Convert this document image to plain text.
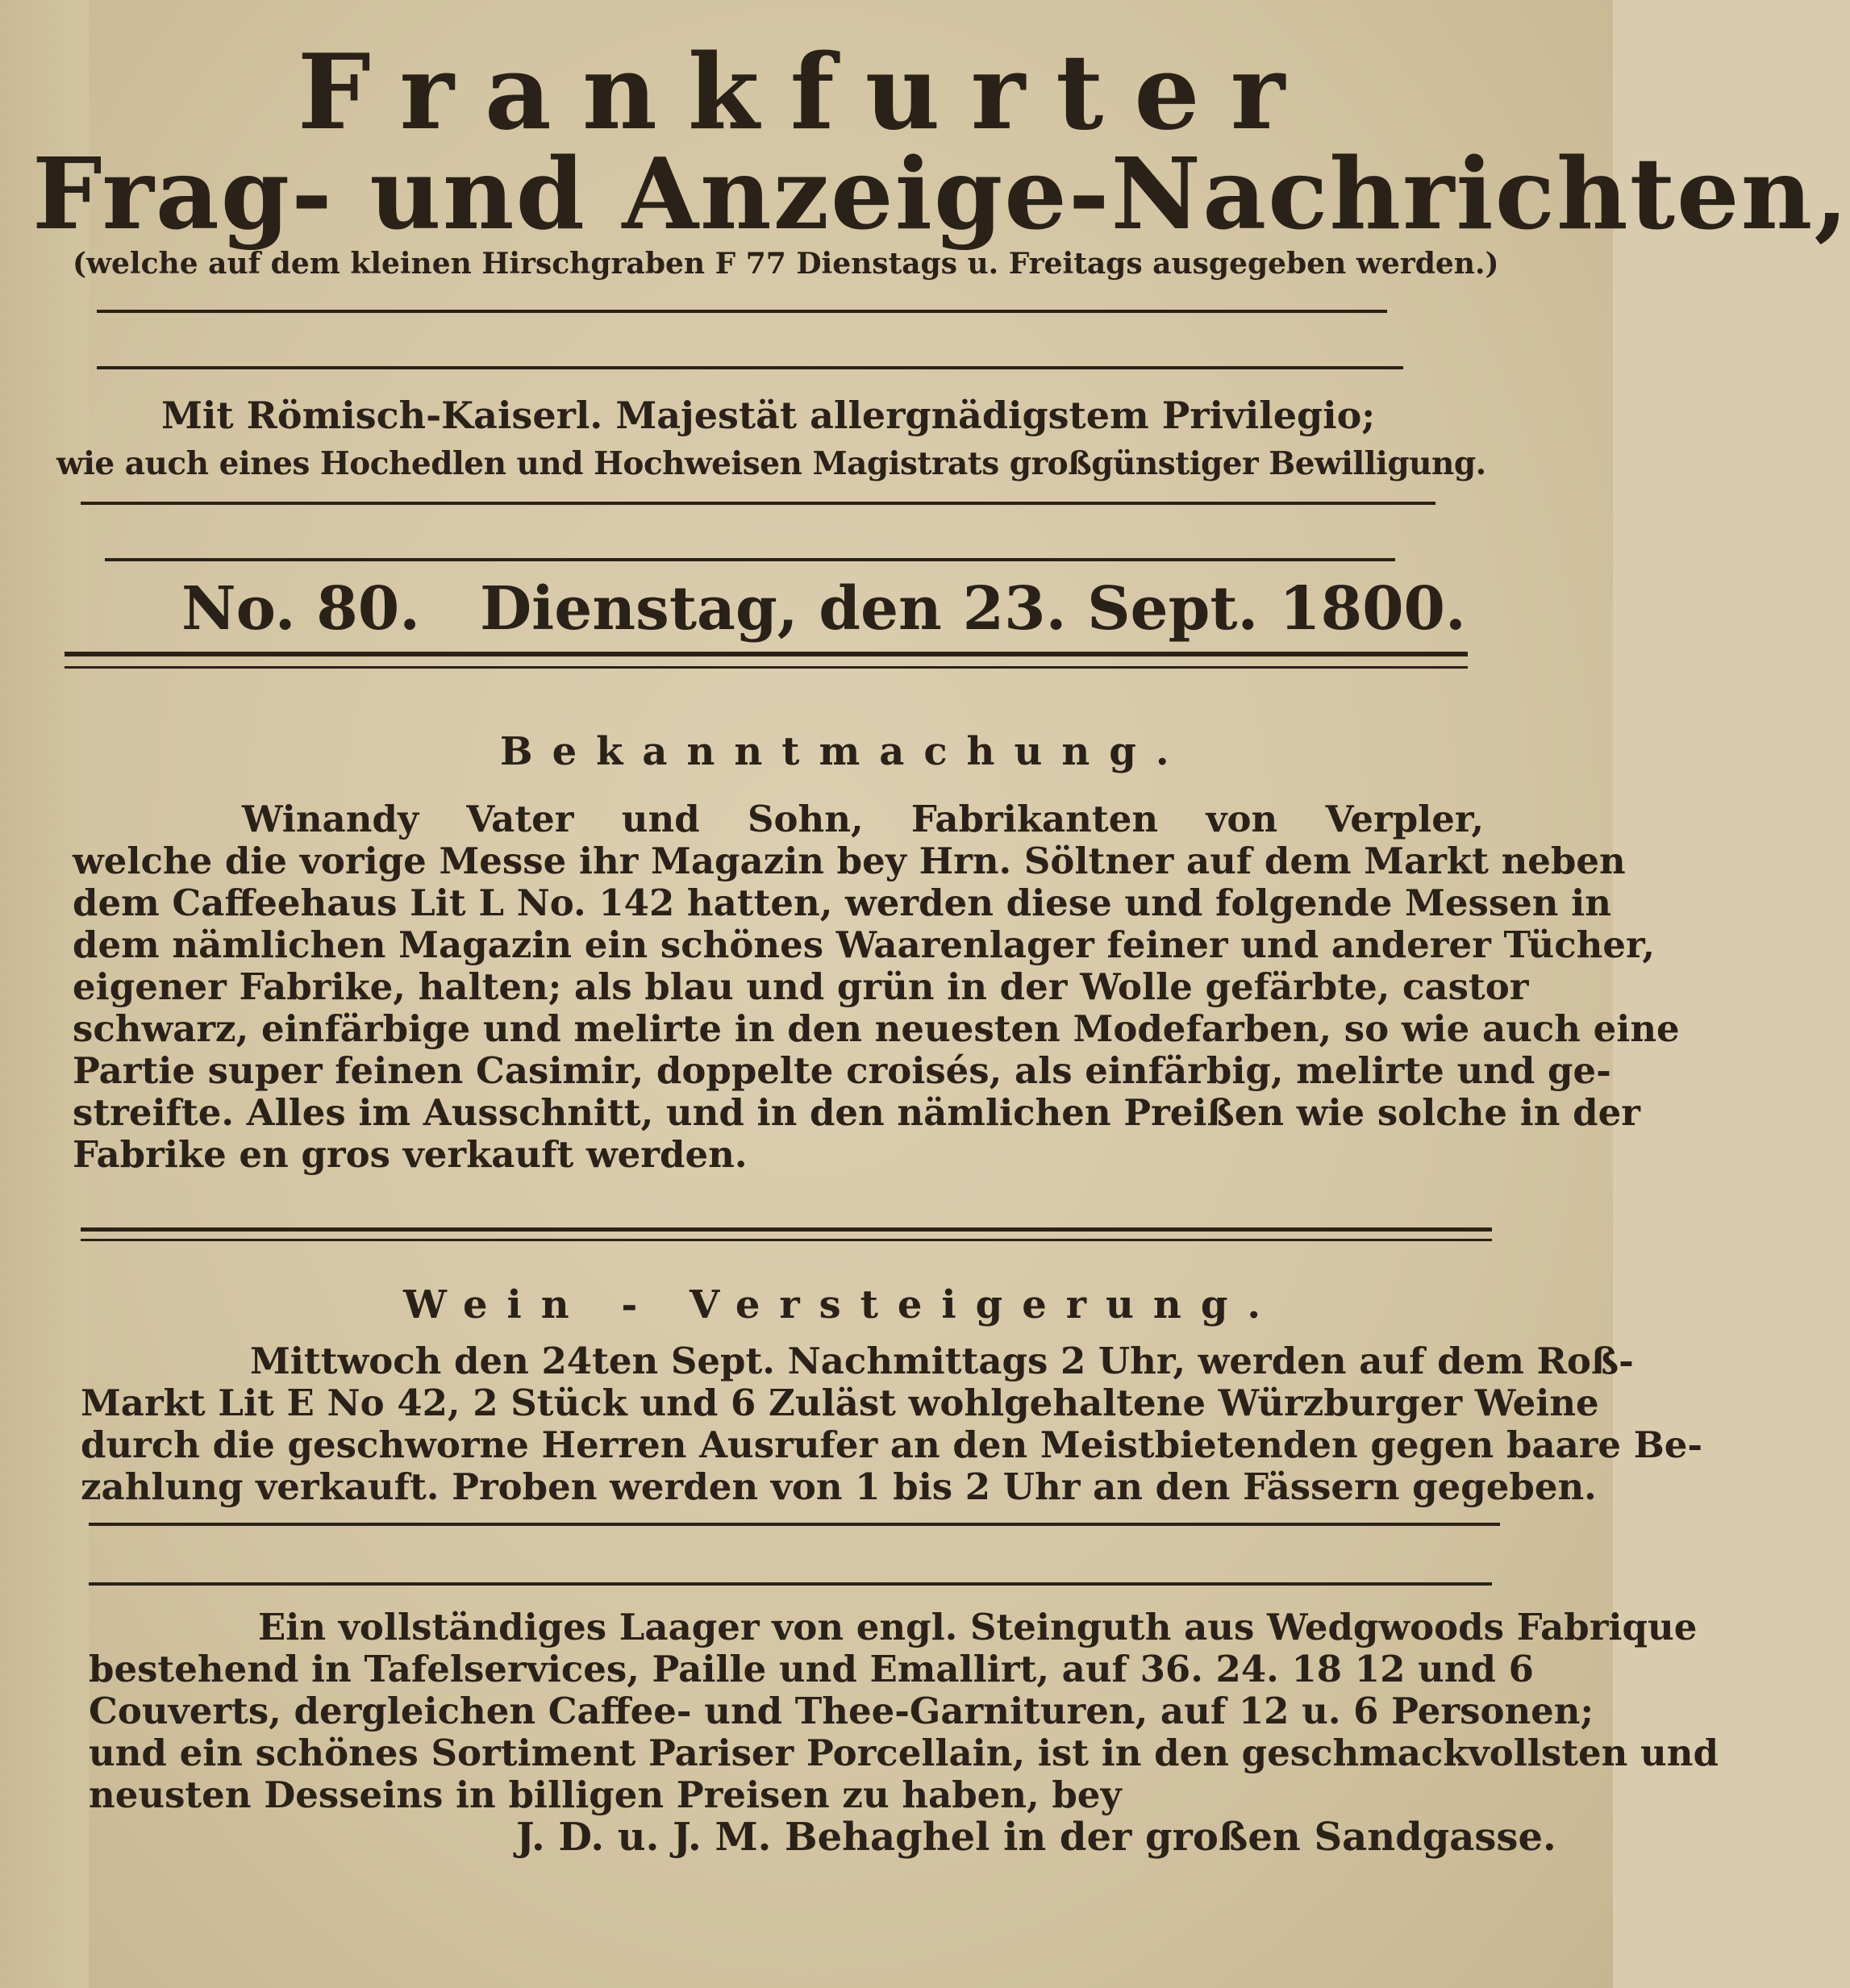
Frankfurter
Frag- und Anzeige-Nachrichten,
(welche auf dem kleinen Hirschgraben F 77 Dienstags u. Freitags ausgegeben werden.)
Mit Römisch-Kaiserl. Majestät allergnädigstem Privilegio;
wie auch eines Hochedlen und Hochweisen Magistrats großgünstiger Bewilligung.
No. 80. Dienstag, den 23. Sept. 1800.
Bekanntmachung.
Winandy Vater und Sohn, Fabrikanten von Verpler,
welche die vorige Messe ihr Magazin bey Hrn. Söltner auf dem Markt neben
dem Caffeehaus Lit L No. 142 hatten, werden diese und folgende Messen in
dem nämlichen Magazin ein schönes Waarenlager feiner und anderer Tücher,
eigener Fabrike, halten; als blau und grün in der Wolle gefärbte, castor
schwarz, einfärbige und melirte in den neuesten Modefarben, so wie auch eine
Partie super feinen Casimir, doppelte croisés, als einfärbig, melirte und ge-
streifte. Alles im Ausschnitt, und in den nämlichen Preißen wie solche in der
Fabrike en gros verkauft werden.
Wein - Versteigerung.
Mittwoch den 24ten Sept. Nachmittags 2 Uhr, werden auf dem Roß-
Markt Lit E No 42, 2 Stück und 6 Zuläst wohlgehaltene Würzburger Weine
durch die geschworne Herren Ausrufer an den Meistbietenden gegen baare Be-
zahlung verkauft. Proben werden von 1 bis 2 Uhr an den Fässern gegeben.
Ein vollständiges Laager von engl. Steinguth aus Wedgwoods Fabrique
bestehend in Tafelservices, Paille und Emallirt, auf 36. 24. 18 12 und 6
Couverts, dergleichen Caffee- und Thee-Garnituren, auf 12 u. 6 Personen;
und ein schönes Sortiment Pariser Porcellain, ist in den geschmackvollsten und
neusten Desseins in billigen Preisen zu haben, bey
J. D. u. J. M. Behaghel in der großen Sandgasse.
